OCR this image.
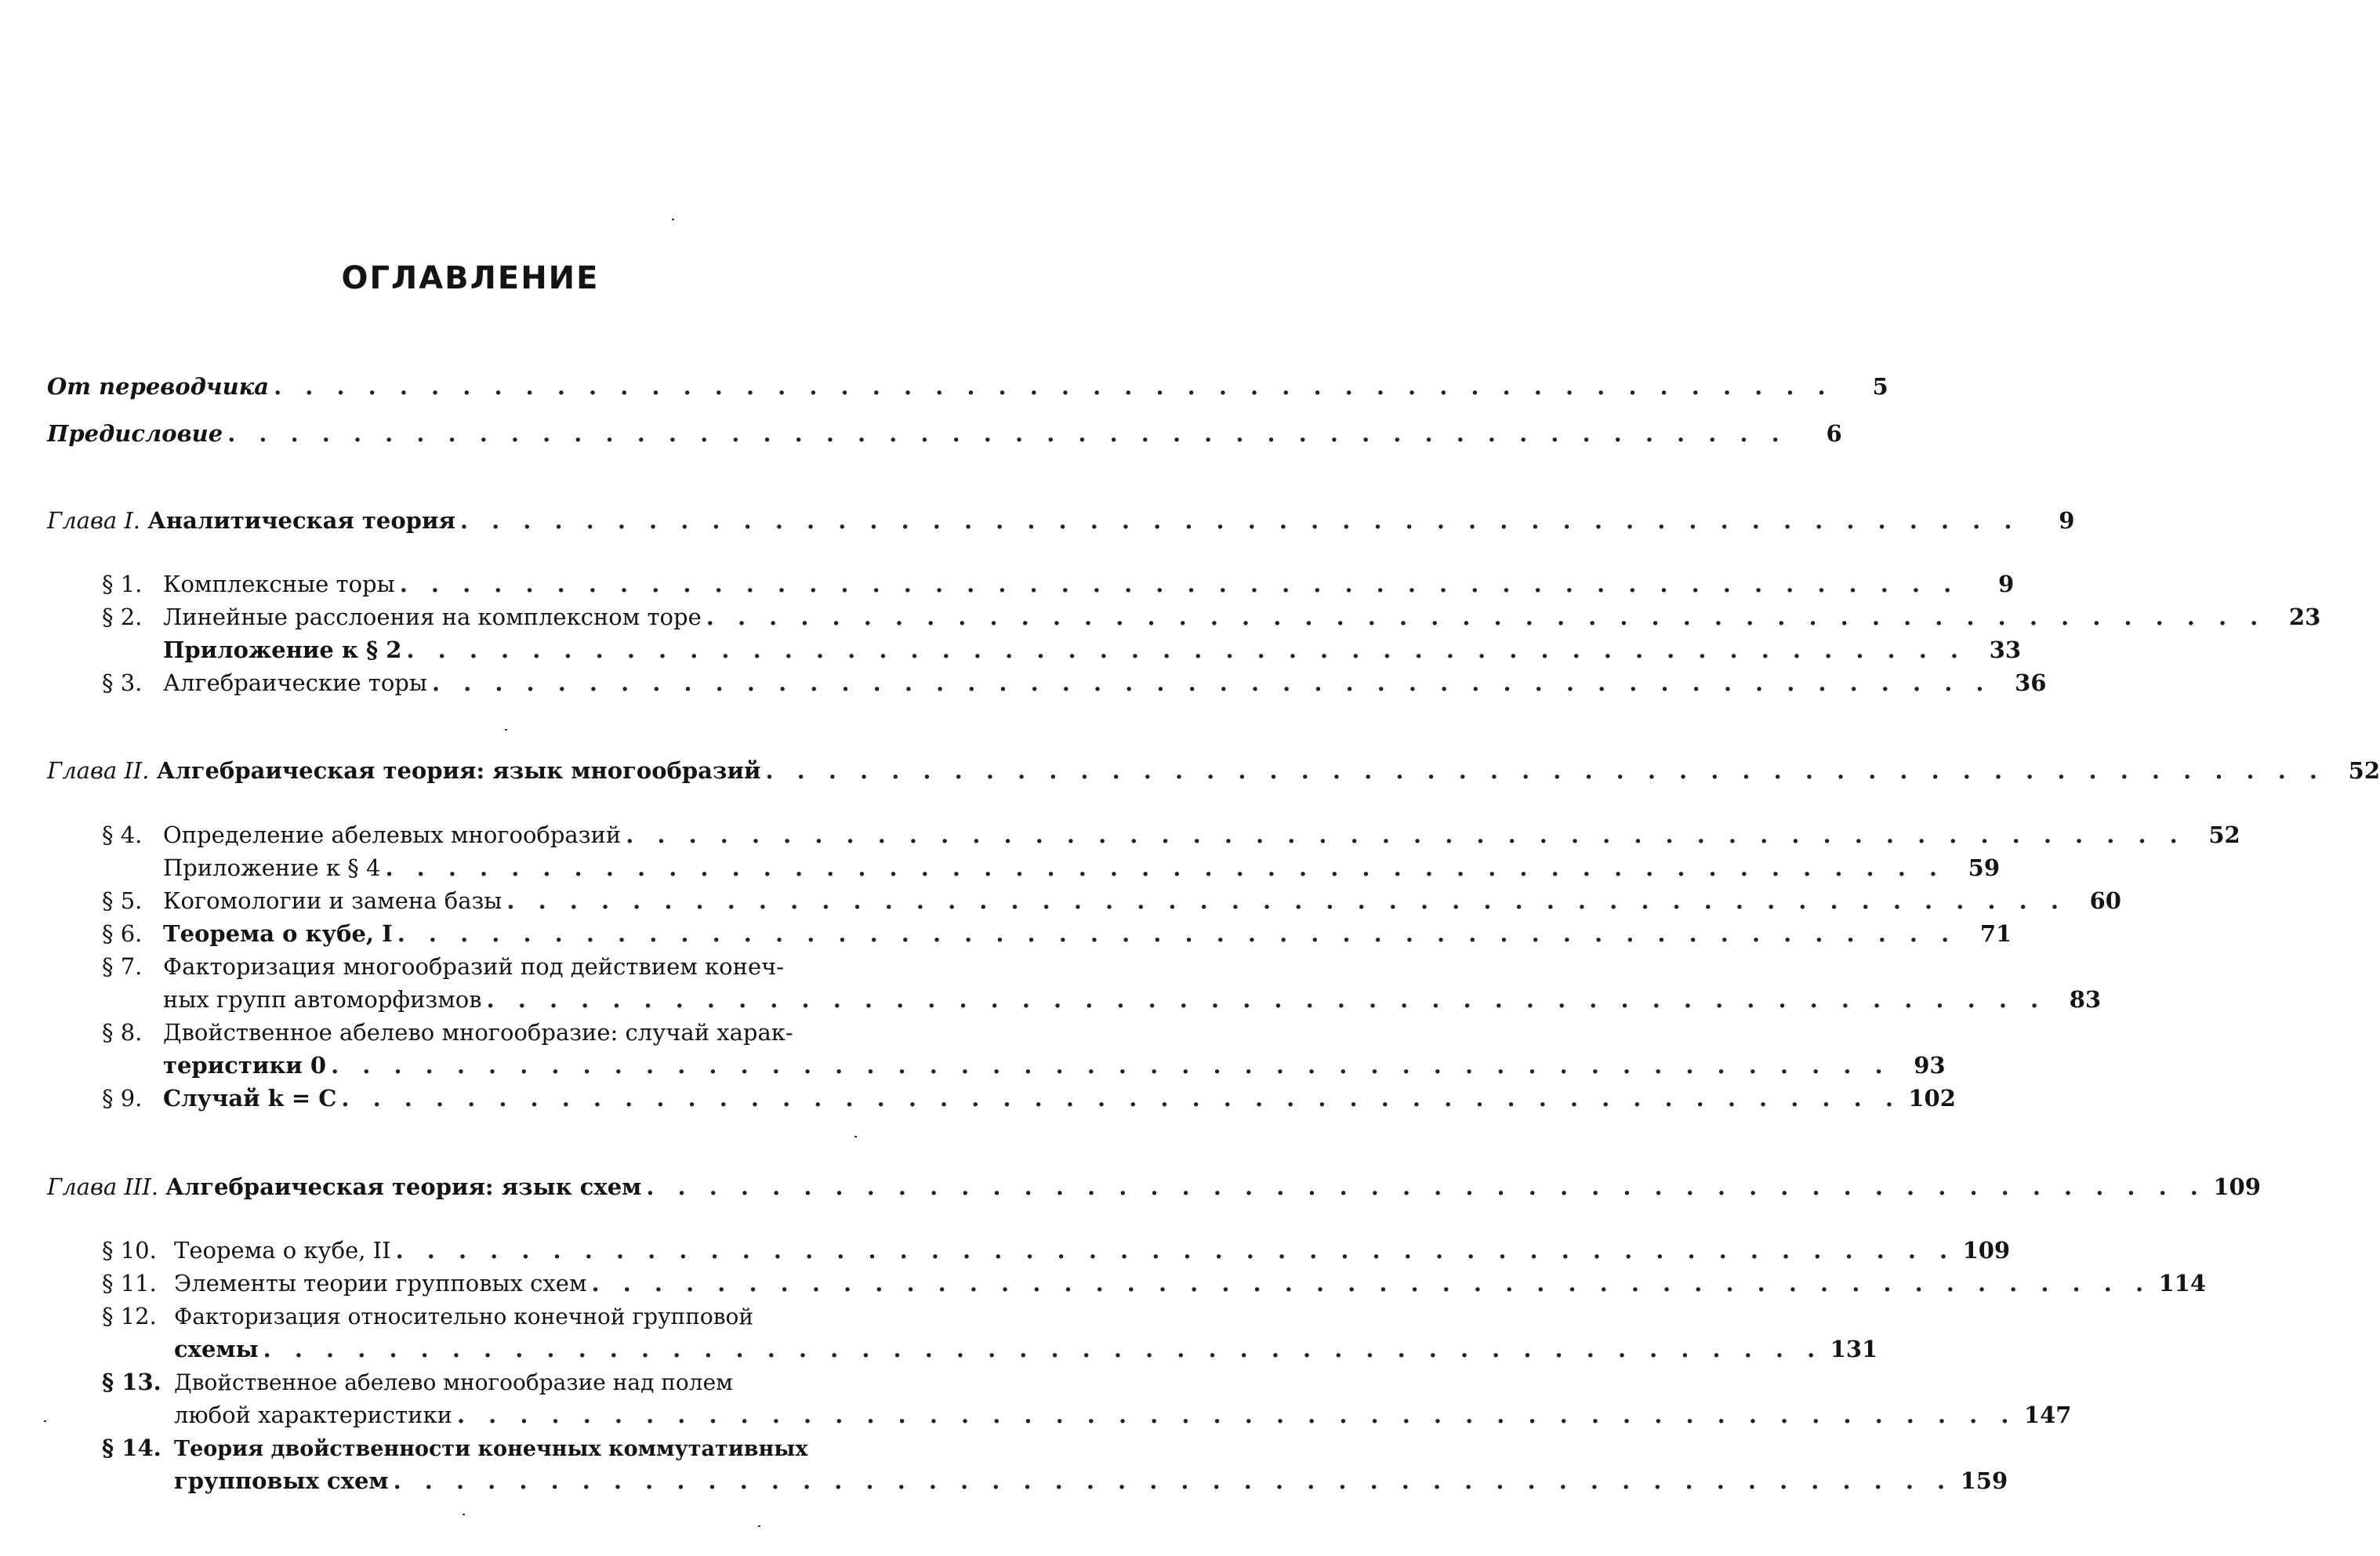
ОГЛАВЛЕНИЕ
От переводчика . . . . . . . . . . . . . . . . . . . . . . . . . . . . . . . . . . . . . . . . . . . . . . . . . .	5
Предисловие . . . . . . . . . . . . . . . . . . . . . . . . . . . . . . . . . . . . . . . . . . . . . . . . . .	6
Глава I.
Аналитическая теория . . . . . . . . . . . . . . . . . . . . . . . . . . . . . . . . . . . . . . . . . . . . . . . . . .	9
§ 1. Комплексные торы . . . . . . . . . . . . . . . . . . . . . . . . . . . . . . . . . . . . . . . . . . . . . . . . . .	9
§ 2. Линейные расслоения на комплексном торе . . . . . . . . . . . . . . . . . . . . . . . . . . . . . . . . . . . . . . . . . . . . . . . . . .	23
Приложение к § 2 . . . . . . . . . . . . . . . . . . . . . . . . . . . . . . . . . . . . . . . . . . . . . . . . . .	33
§ 3. Алгебраические торы . . . . . . . . . . . . . . . . . . . . . . . . . . . . . . . . . . . . . . . . . . . . . . . . . .	36
Глава II.
Алгебраическая теория: язык многообразий . . . . . . . . . . . . . . . . . . . . . . . . . . . . . . . . . . . . . . . . . . . . . . . . . .	52
§ 4. Определение абелевых многообразий . . . . . . . . . . . . . . . . . . . . . . . . . . . . . . . . . . . . . . . . . . . . . . . . . .	52
Приложение к § 4 . . . . . . . . . . . . . . . . . . . . . . . . . . . . . . . . . . . . . . . . . . . . . . . . . .	59
§ 5. Когомологии и замена базы . . . . . . . . . . . . . . . . . . . . . . . . . . . . . . . . . . . . . . . . . . . . . . . . . .	60
§ 6. Теорема о кубе, I . . . . . . . . . . . . . . . . . . . . . . . . . . . . . . . . . . . . . . . . . . . . . . . . . .	71
§ 7. Факторизация многообразий под действием конеч-
ных групп автоморфизмов . . . . . . . . . . . . . . . . . . . . . . . . . . . . . . . . . . . . . . . . . . . . . . . . . .	83
§ 8. Двойственное абелево многообразие: случай харак-
теристики 0 . . . . . . . . . . . . . . . . . . . . . . . . . . . . . . . . . . . . . . . . . . . . . . . . . .	93
§ 9. Случай k = C . . . . . . . . . . . . . . . . . . . . . . . . . . . . . . . . . . . . . . . . . . . . . . . . . . 102
Глава III.
Алгебраическая теория: язык схем . . . . . . . . . . . . . . . . . . . . . . . . . . . . . . . . . . . . . . . . . . . . . . . . . . 109
§ 10. Теорема о кубе, II . . . . . . . . . . . . . . . . . . . . . . . . . . . . . . . . . . . . . . . . . . . . . . . . . . 109
§ 11. Элементы теории групповых схем . . . . . . . . . . . . . . . . . . . . . . . . . . . . . . . . . . . . . . . . . . . . . . . . . . 114
§ 12. Факторизация относительно конечной групповой
схемы . . . . . . . . . . . . . . . . . . . . . . . . . . . . . . . . . . . . . . . . . . . . . . . . . . 131
§ 13. Двойственное абелево многообразие над полем
любой характеристики . . . . . . . . . . . . . . . . . . . . . . . . . . . . . . . . . . . . . . . . . . . . . . . . . . 147
§ 14. Теория двойственности конечных коммутативных
групповых схем . . . . . . . . . . . . . . . . . . . . . . . . . . . . . . . . . . . . . . . . . . . . . . . . . . 159
